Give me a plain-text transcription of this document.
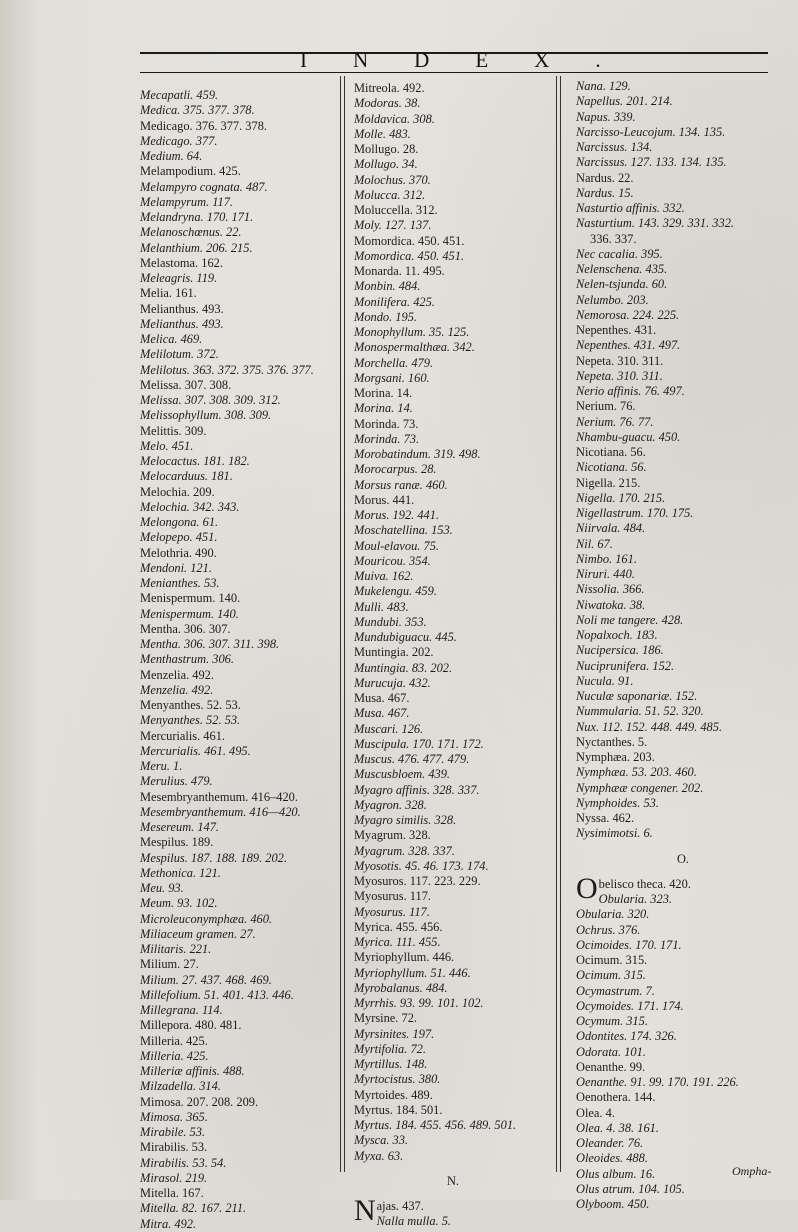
INDEX.
Mecapatli. 459.
Medica. 375. 377. 378.
Medicago. 376. 377. 378.
Medicago. 377.
Medium. 64.
Melampodium. 425.
Melampyro cognata. 487.
Melampyrum. 117.
Melandryna. 170. 171.
Melanoschœnus. 22.
Melanthium. 206. 215.
Melastoma. 162.
Meleagris. 119.
Melia. 161.
Melianthus. 493.
Melianthus. 493.
Melica. 469.
Melilotum. 372.
Melilotus. 363. 372. 375. 376. 377.
Melissa. 307. 308.
Melissa. 307. 308. 309. 312.
Melissophyllum. 308. 309.
Melittis. 309.
Melo. 451.
Melocactus. 181. 182.
Melocarduus. 181.
Melochia. 209.
Melochia. 342. 343.
Melongona. 61.
Melopepo. 451.
Melothria. 490.
Mendoni. 121.
Menianthes. 53.
Menispermum. 140.
Menispermum. 140.
Mentha. 306. 307.
Mentha. 306. 307. 311. 398.
Menthastrum. 306.
Menzelia. 492.
Menzelia. 492.
Menyanthes. 52. 53.
Menyanthes. 52. 53.
Mercurialis. 461.
Mercurialis. 461. 495.
Meru. 1.
Merulius. 479.
Mesembryanthemum. 416–420.
Mesembryanthemum. 416—420.
Mesereum. 147.
Mespilus. 189.
Mespilus. 187. 188. 189. 202.
Methonica. 121.
Meu. 93.
Meum. 93. 102.
Microleuconymphæa. 460.
Miliaceum gramen. 27.
Militaris. 221.
Milium. 27.
Milium. 27. 437. 468. 469.
Millefolium. 51. 401. 413. 446.
Millegrana. 114.
Millepora. 480. 481.
Milleria. 425.
Milleria. 425.
Milleriæ affinis. 488.
Milzadella. 314.
Mimosa. 207. 208. 209.
Mimosa. 365.
Mirabile. 53.
Mirabilis. 53.
Mirabilis. 53. 54.
Mirasol. 219.
Mitella. 167.
Mitella. 82. 167. 211.
Mitra. 492.
Mitreola. 492.
Modoras. 38.
Moldavica. 308.
Molle. 483.
Mollugo. 28.
Mollugo. 34.
Molochus. 370.
Molucca. 312.
Moluccella. 312.
Moly. 127. 137.
Momordica. 450. 451.
Momordica. 450. 451.
Monarda. 11. 495.
Monbin. 484.
Monilifera. 425.
Mondo. 195.
Monophyllum. 35. 125.
Monospermalthæa. 342.
Morchella. 479.
Morgsani. 160.
Morina. 14.
Morina. 14.
Morinda. 73.
Morinda. 73.
Morobatindum. 319. 498.
Morocarpus. 28.
Morsus ranæ. 460.
Morus. 441.
Morus. 192. 441.
Moschatellina. 153.
Moul-elavou. 75.
Mouricou. 354.
Muiva. 162.
Mukelengu. 459.
Mulli. 483.
Mundubi. 353.
Mundubiguacu. 445.
Muntingia. 202.
Muntingia. 83. 202.
Murucuja. 432.
Musa. 467.
Musa. 467.
Muscari. 126.
Muscipula. 170. 171. 172.
Muscus. 476. 477. 479.
Muscusbloem. 439.
Myagro affinis. 328. 337.
Myagron. 328.
Myagro similis. 328.
Myagrum. 328.
Myagrum. 328. 337.
Myosotis. 45. 46. 173. 174.
Myosuros. 117. 223. 229.
Myosurus. 117.
Myosurus. 117.
Myrica. 455. 456.
Myrica. 111. 455.
Myriophyllum. 446.
Myriophyllum. 51. 446.
Myrobalanus. 484.
Myrrhis. 93. 99. 101. 102.
Myrsine. 72.
Myrsinites. 197.
Myrtifolia. 72.
Myrtillus. 148.
Myrtocistus. 380.
Myrtoides. 489.
Myrtus. 184. 501.
Myrtus. 184. 455. 456. 489. 501.
Mysca. 33.
Myxa. 63.
N.
Najas. 437.
Nalla mulla. 5.
Nana. 129.
Napellus. 201. 214.
Napus. 339.
Narcisso-Leucojum. 134. 135.
Narcissus. 134.
Narcissus. 127. 133. 134. 135.
Nardus. 22.
Nardus. 15.
Nasturtio affinis. 332.
Nasturtium. 143. 329. 331. 332.
336. 337.
Nec cacalia. 395.
Nelenschena. 435.
Nelen-tsjunda. 60.
Nelumbo. 203.
Nemorosa. 224. 225.
Nepenthes. 431.
Nepenthes. 431. 497.
Nepeta. 310. 311.
Nepeta. 310. 311.
Nerio affinis. 76. 497.
Nerium. 76.
Nerium. 76. 77.
Nhambu-guacu. 450.
Nicotiana. 56.
Nicotiana. 56.
Nigella. 215.
Nigella. 170. 215.
Nigellastrum. 170. 175.
Niirvala. 484.
Nil. 67.
Nimbo. 161.
Niruri. 440.
Nissolia. 366.
Niwatoka. 38.
Noli me tangere. 428.
Nopalxoch. 183.
Nucipersica. 186.
Nuciprunifera. 152.
Nucula. 91.
Nuculæ saponariæ. 152.
Nummularia. 51. 52. 320.
Nux. 112. 152. 448. 449. 485.
Nyctanthes. 5.
Nymphæa. 203.
Nymphæa. 53. 203. 460.
Nymphææ congener. 202.
Nymphoides. 53.
Nyssa. 462.
Nysimimotsi. 6.
O.
Obelisco theca. 420.
Obularia. 323.
Obularia. 320.
Ochrus. 376.
Ocimoides. 170. 171.
Ocimum. 315.
Ocimum. 315.
Ocymastrum. 7.
Ocymoides. 171. 174.
Ocymum. 315.
Odontites. 174. 326.
Odorata. 101.
Oenanthe. 99.
Oenanthe. 91. 99. 170. 191. 226.
Oenothera. 144.
Olea. 4.
Olea. 4. 38. 161.
Oleander. 76.
Oleoides. 488.
Olus album. 16.
Olus atrum. 104. 105.
Olyboom. 450.
Ompha-
